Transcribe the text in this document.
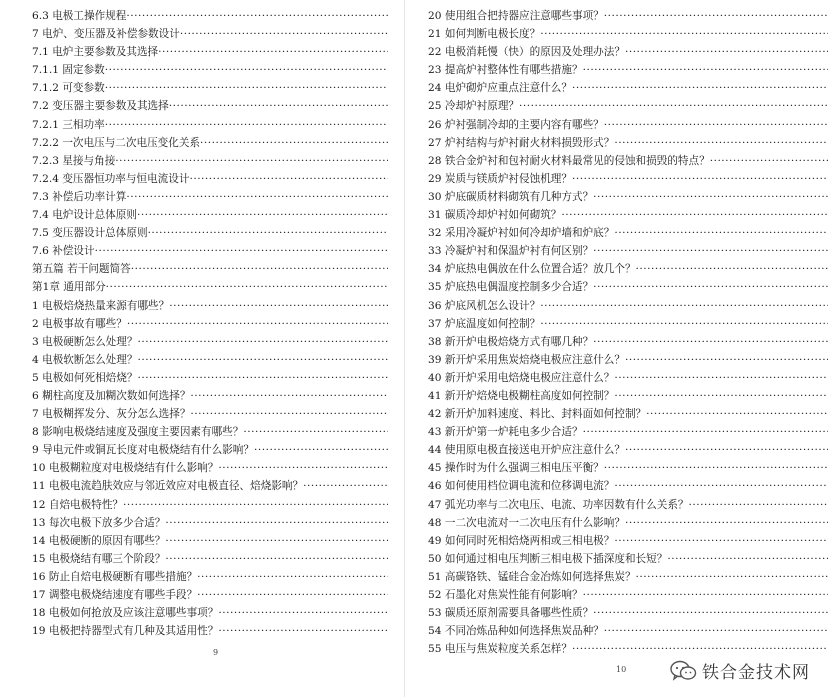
6.3 电极工操作规程 ·····
7 电炉、变压器及补偿参数设计 ·····
7.1 电炉主要参数及其选择 ·····
7.1.1 固定参数 ·····
7.1.2 可变参数 ·····
7.2 变压器主要参数及其选择 ·····
7.2.1 三相功率 ·····
7.2.2 一次电压与二次电压变化关系 ·····
7.2.3 星接与角接 ·····
7.2.4 变压器恒功率与恒电流设计 ·····
7.3 补偿后功率计算 ·····
7.4 电炉设计总体原则 ·····
7.5 变压器设计总体原则 ·····
7.6 补偿设计 ·····
第五篇 若干问题简答 ·····
第1章 通用部分 ·····
1 电极焙烧热量来源有哪些？ ·····
2 电极事故有哪些？ ·····
3 电极硬断怎么处理？ ·····
4 电极软断怎么处理？ ·····
5 电极如何死相焙烧？ ·····
6 糊柱高度及加糊次数如何选择？ ·····
7 电极糊挥发分、灰分怎么选择？ ·····
8 影响电极烧结速度及强度主要因素有哪些？ ·····
9 导电元件或铜瓦长度对电极烧结有什么影响？ ·····
10 电极糊粒度对电极烧结有什么影响？ ·····
11 电极电流趋肤效应与邻近效应对电极直径、焙烧影响？ ·····
12 自焙电极特性？ ·····
13 每次电极下放多少合适？ ·····
14 电极硬断的原因有哪些？ ·····
15 电极烧结有哪三个阶段？ ·····
16 防止自焙电极硬断有哪些措施？ ·····
17 调整电极烧结速度有哪些手段？ ·····
18 电极如何抢放及应该注意哪些事项？ ·····
19 电极把持器型式有几种及其适用性？ ·····
9
20 使用组合把持器应注意哪些事项？ ·····
21 如何判断电极长度？ ·····
22 电极消耗慢（快）的原因及处理办法？ ·····
23 提高炉衬整体性有哪些措施？ ·····
24 电炉砌炉应重点注意什么？ ·····
25 冷却炉衬原理？ ·····
26 炉衬强制冷却的主要内容有哪些？ ·····
27 炉衬结构与炉衬耐火材料损毁形式？ ·····
28 铁合金炉衬和包衬耐火材料最常见的侵蚀和损毁的特点？ ·····
29 炭质与镁质炉衬侵蚀机理？ ·····
30 炉底碳质材料砌筑有几种方式？ ·····
31 碳质冷却炉衬如何砌筑？ ·····
32 采用冷凝炉衬如何冷却炉墙和炉底？ ·····
33 冷凝炉衬和保温炉衬有何区别？ ·····
34 炉底热电偶放在什么位置合适？放几个？ ·····
35 炉底热电偶温度控制多少合适？ ·····
36 炉底风机怎么设计？ ·····
37 炉底温度如何控制？ ·····
38 新开炉电极焙烧方式有哪几种？ ·····
39 新开炉采用焦炭焙烧电极应注意什么？ ·····
40 新开炉采用电焙烧电极应注意什么？ ·····
41 新开炉焙烧电极糊柱高度如何控制？ ·····
42 新开炉加料速度、料比、封料面如何控制？ ·····
43 新开炉第一炉耗电多少合适？ ·····
44 使用原电极直接送电开炉应注意什么？ ·····
45 操作时为什么强调三相电压平衡？ ·····
46 如何使用档位调电流和位移调电流？ ·····
47 弧光功率与二次电压、电流、功率因数有什么关系？ ·····
48 一二次电流对一二次电压有什么影响？ ·····
49 如何同时死相焙烧两相或三相电极？ ·····
50 如何通过相电压判断三相电极下插深度和长短？ ·····
51 高碳铬铁、锰硅合金冶炼如何选择焦炭？ ·····
52 石墨化对焦炭性能有何影响？ ·····
53 碳质还原剂需要具备哪些性质？ ·····
54 不同冶炼品种如何选择焦炭品种？ ·····
55 电压与焦炭粒度关系怎样？ ·····
10	铁合金技术网
